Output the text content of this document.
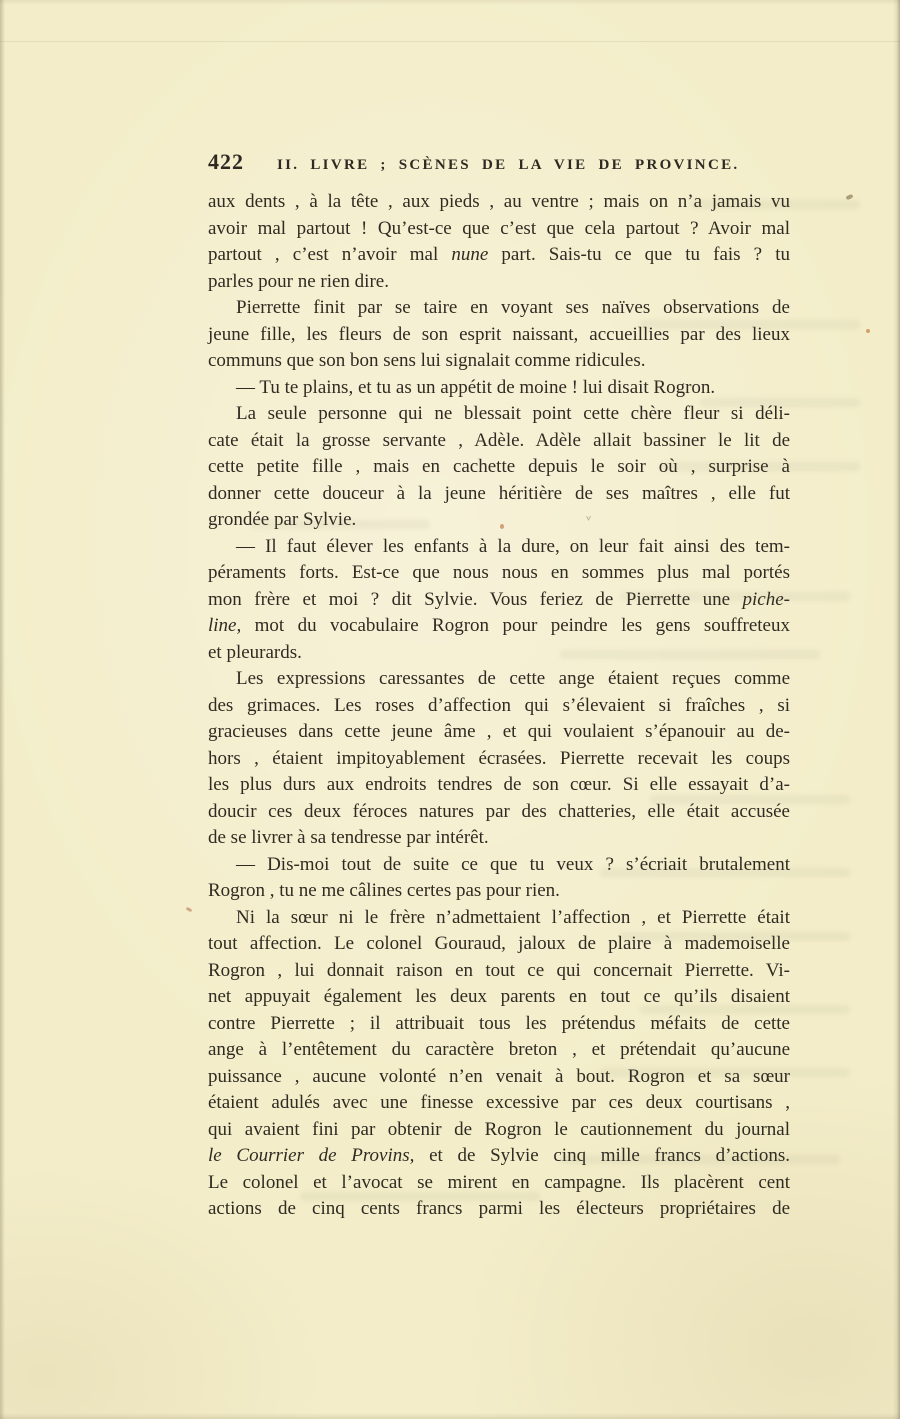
422 II. LIVRE ; SCÈNES DE LA VIE DE PROVINCE.
aux dents , à la tête , aux pieds , au ventre ; mais on n’a jamais vu
avoir mal partout ! Qu’est-ce que c’est que cela partout ? Avoir mal
partout , c’est n’avoir mal nune part. Sais-tu ce que tu fais ? tu
parles pour ne rien dire.
Pierrette finit par se taire en voyant ses naïves observations de
jeune fille, les fleurs de son esprit naissant, accueillies par des lieux
communs que son bon sens lui signalait comme ridicules.
— Tu te plains, et tu as un appétit de moine ! lui disait Rogron.
La seule personne qui ne blessait point cette chère fleur si déli-
cate était la grosse servante , Adèle. Adèle allait bassiner le lit de
cette petite fille , mais en cachette depuis le soir où , surprise à
donner cette douceur à la jeune héritière de ses maîtres , elle fut
grondée par Sylvie.
— Il faut élever les enfants à la dure, on leur fait ainsi des tem-
péraments forts. Est-ce que nous nous en sommes plus mal portés
mon frère et moi ? dit Sylvie. Vous feriez de Pierrette une piche-
line, mot du vocabulaire Rogron pour peindre les gens souffreteux
et pleurards.
Les expressions caressantes de cette ange étaient reçues comme
des grimaces. Les roses d’affection qui s’élevaient si fraîches , si
gracieuses dans cette jeune âme , et qui voulaient s’épanouir au de-
hors , étaient impitoyablement écrasées. Pierrette recevait les coups
les plus durs aux endroits tendres de son cœur. Si elle essayait d’a-
doucir ces deux féroces natures par des chatteries, elle était accusée
de se livrer à sa tendresse par intérêt.
— Dis-moi tout de suite ce que tu veux ? s’écriait brutalement
Rogron , tu ne me câlines certes pas pour rien.
Ni la sœur ni le frère n’admettaient l’affection , et Pierrette était
tout affection. Le colonel Gouraud, jaloux de plaire à mademoiselle
Rogron , lui donnait raison en tout ce qui concernait Pierrette. Vi-
net appuyait également les deux parents en tout ce qu’ils disaient
contre Pierrette ; il attribuait tous les prétendus méfaits de cette
ange à l’entêtement du caractère breton , et prétendait qu’aucune
puissance , aucune volonté n’en venait à bout. Rogron et sa sœur
étaient adulés avec une finesse excessive par ces deux courtisans ,
qui avaient fini par obtenir de Rogron le cautionnement du journal
le Courrier de Provins, et de Sylvie cinq mille francs d’actions.
Le colonel et l’avocat se mirent en campagne. Ils placèrent cent
actions de cinq cents francs parmi les électeurs propriétaires de
